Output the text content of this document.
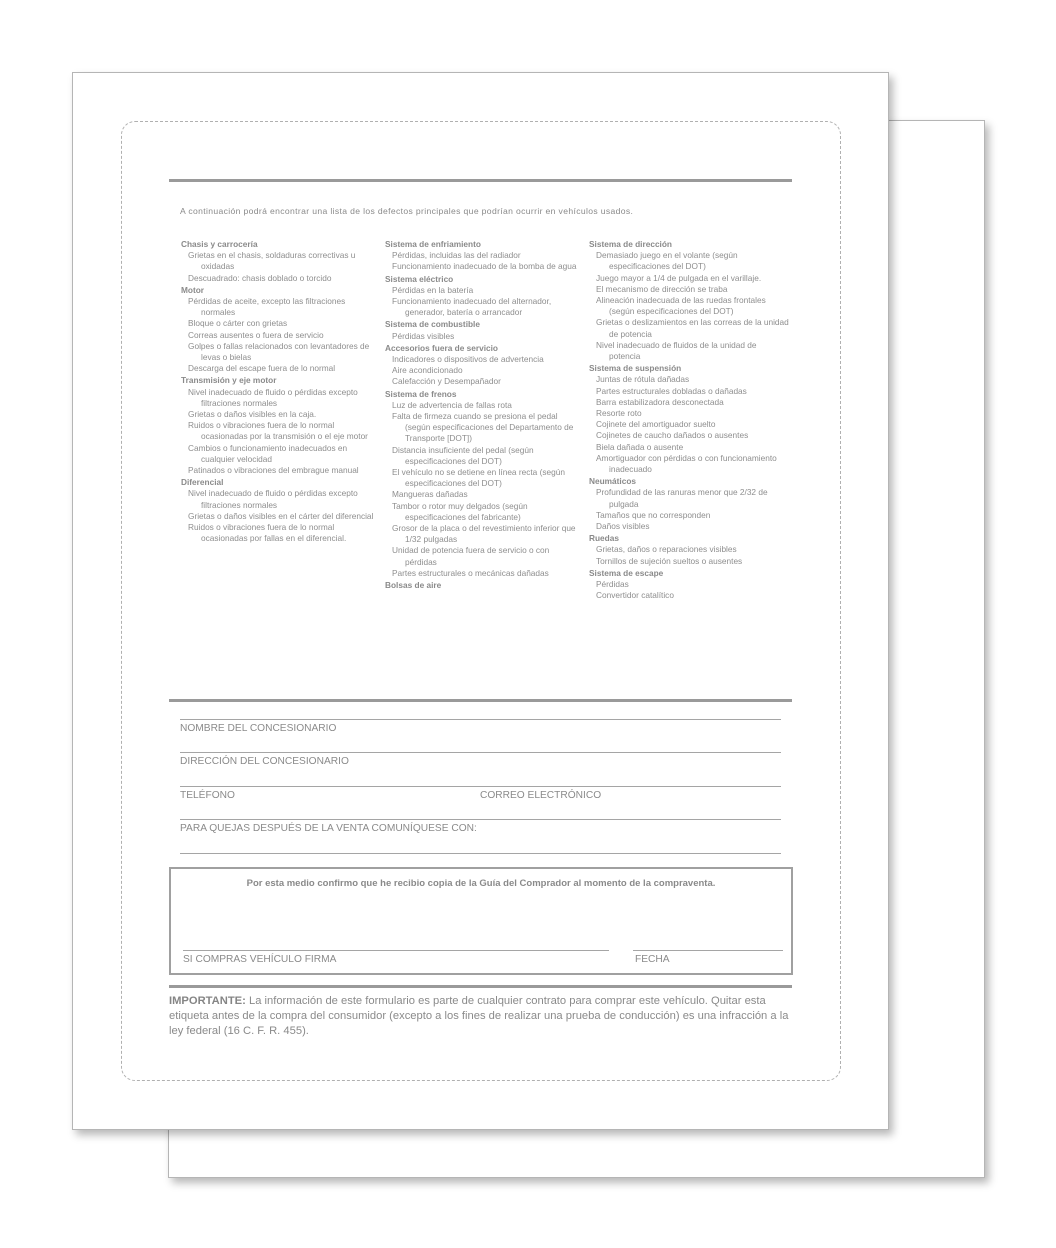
A continuación podrá encontrar una lista de los defectos principales que podrían ocurrir en vehículos usados.
Chasis y carrocería
Grietas en el chasis, soldaduras correctivas u oxidadas
Descuadrado: chasis doblado o torcido
Motor
Pérdidas de aceite, excepto las filtraciones normales
Bloque o cárter con grietas
Correas ausentes o fuera de servicio
Golpes o fallas relacionados con levantadores de levas o bielas
Descarga del escape fuera de lo normal
Transmisión y eje motor
Nivel inadecuado de fluido o pérdidas excepto filtraciones normales
Grietas o daños visibles en la caja.
Ruidos o vibraciones fuera de lo normal ocasionadas por la transmisión o el eje motor
Cambios o funcionamiento inadecuados en cualquier velocidad
Patinados o vibraciones del embrague manual
Diferencial
Nivel inadecuado de fluido o pérdidas excepto filtraciones normales
Grietas o daños visibles en el cárter del diferencial
Ruidos o vibraciones fuera de lo normal ocasionadas por fallas en el diferencial.
Sistema de enfriamiento
Pérdidas, incluidas las del radiador
Funcionamiento inadecuado de la bomba de agua
Sistema eléctrico
Pérdidas en la batería
Funcionamiento inadecuado del alternador, generador, batería o arrancador
Sistema de combustible
Pérdidas visibles
Accesorios fuera de servicio
Indicadores o dispositivos de advertencia
Aire acondicionado
Calefacción y Desempañador
Sistema de frenos
Luz de advertencia de fallas rota
Falta de firmeza cuando se presiona el pedal (según especificaciones del Departamento de Transporte [DOT])
Distancia insuficiente del pedal (según especificaciones del DOT)
El vehículo no se detiene en línea recta (según especificaciones del DOT)
Mangueras dañadas
Tambor o rotor muy delgados (según especificaciones del fabricante)
Grosor de la placa o del revestimiento inferior que 1/32 pulgadas
Unidad de potencia fuera de servicio o con pérdidas
Partes estructurales o mecánicas dañadas
Bolsas de aire
Sistema de dirección
Demasiado juego en el volante (según especificaciones del DOT)
Juego mayor a 1/4 de pulgada en el varillaje.
El mecanismo de dirección se traba
Alineación inadecuada de las ruedas frontales (según especificaciones del DOT)
Grietas o deslizamientos en las correas de la unidad de potencia
Nivel inadecuado de fluidos de la unidad de potencia
Sistema de suspensión
Juntas de rótula dañadas
Partes estructurales dobladas o dañadas
Barra estabilizadora desconectada
Resorte roto
Cojinete del amortiguador suelto
Cojinetes de caucho dañados o ausentes
Biela dañada o ausente
Amortiguador con pérdidas o con funcionamiento inadecuado
Neumáticos
Profundidad de las ranuras menor que 2/32 de pulgada
Tamaños que no corresponden
Daños visibles
Ruedas
Grietas, daños o reparaciones visibles
Tornillos de sujeción sueltos o ausentes
Sistema de escape
Pérdidas
Convertidor catalítico
NOMBRE DEL CONCESIONARIO
DIRECCIÓN DEL CONCESIONARIO
TELÉFONO	CORREO ELECTRÓNICO
PARA QUEJAS DESPUÉS DE LA VENTA COMUNÍQUESE CON:
Por esta medio confirmo que he recibio copia de la Guía del Comprador al momento de la compraventa.
SI COMPRAS VEHÍCULO FIRMA	FECHA
IMPORTANTE: La información de este formulario es parte de cualquier contrato para comprar este vehículo. Quitar esta etiqueta antes de la compra del consumidor (excepto a los fines de realizar una prueba de conducción) es una infracción a la ley federal (16 C. F. R. 455).
